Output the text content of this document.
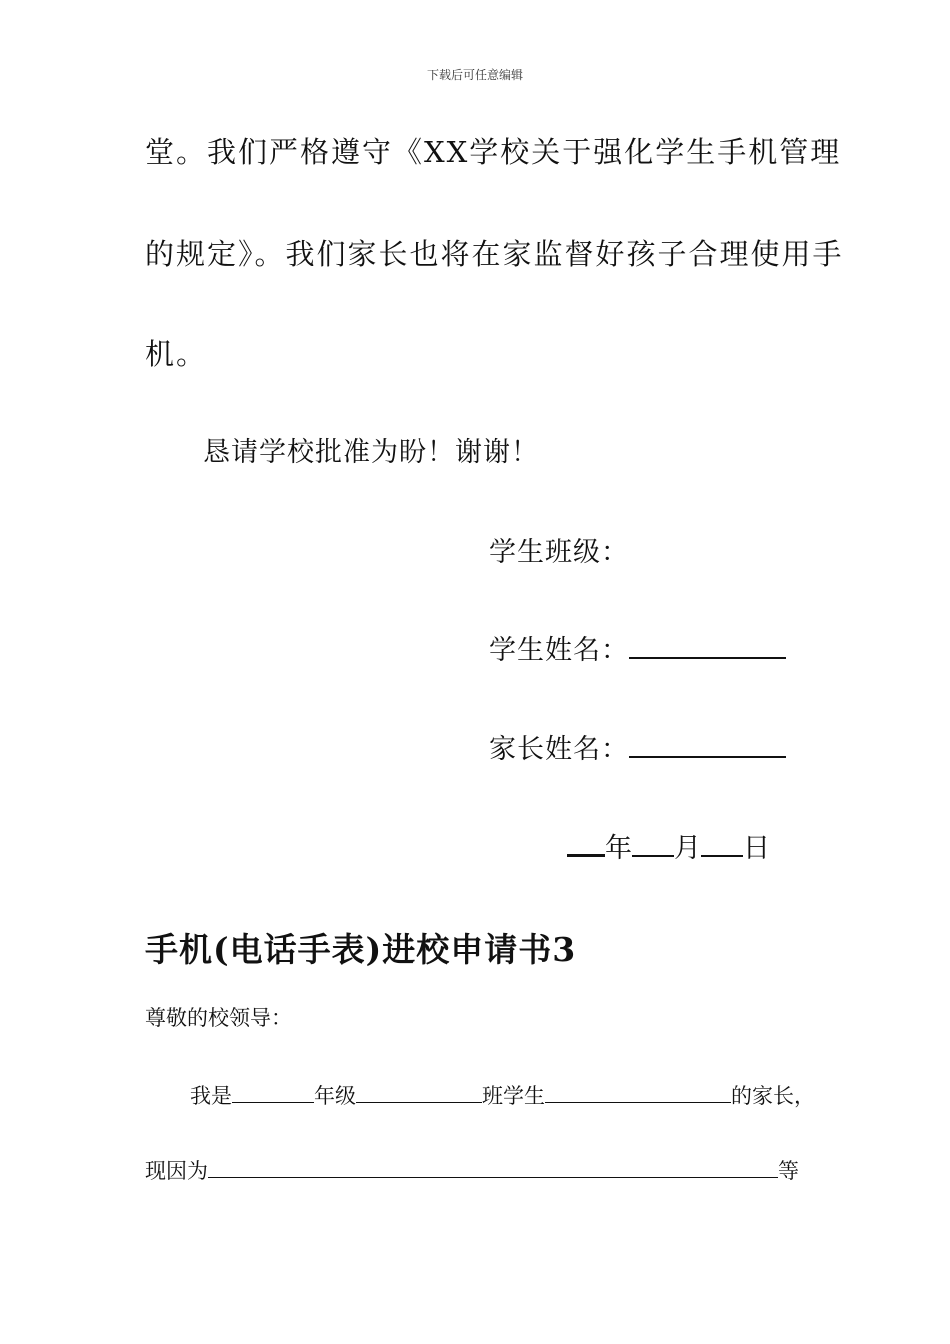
下载后可任意编辑
堂。我们严格遵守《XX学校关于强化学生手机管理
的规定》。我们家长也将在家监督好孩子合理使用手
机。
恳请学校批准为盼！谢谢！
学生班级：
学生姓名：
家长姓名：
年 月 日
手机(电话手表)进校申请书3
尊敬的校领导：
我是	年级	班学生	的家长，
现因为	等
